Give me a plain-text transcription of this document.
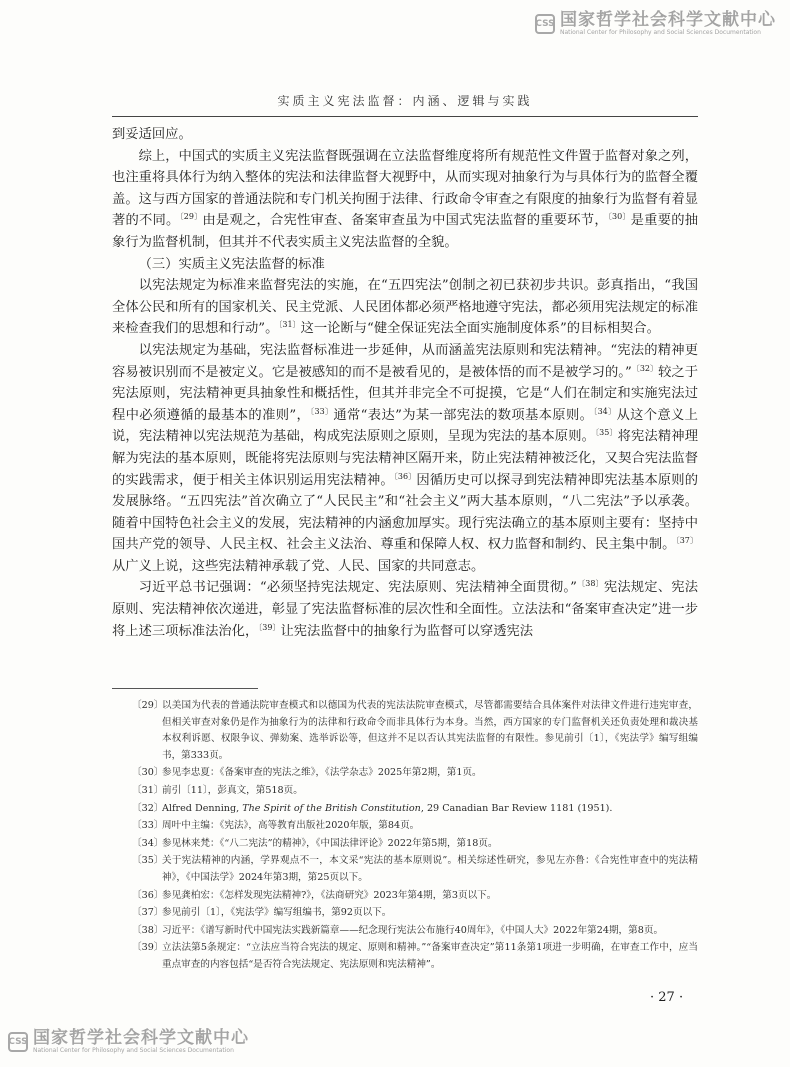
CSS 国家哲学社会科学文献中心
National Center for Philosophy and Social Sciences Documentation
实质主义宪法监督：内涵、逻辑与实践

到妥适回应。

综上，中国式的实质主义宪法监督既强调在立法监督维度将所有规范性文件置于监督对象之列，也注重将具体行为纳入整体的宪法和法律监督大视野中，从而实现对抽象行为与具体行为的监督全覆盖。这与西方国家的普通法院和专门机关拘囿于法律、行政命令审查之有限度的抽象行为监督有着显著的不同。$^{〔29〕}$由是观之，合宪性审查、备案审查虽为中国式宪法监督的重要环节，$^{〔30〕}$是重要的抽象行为监督机制，但其并不代表实质主义宪法监督的全貌。

（三）实质主义宪法监督的标准

以宪法规定为标准来监督宪法的实施，在“五四宪法”创制之初已获初步共识。彭真指出，“我国全体公民和所有的国家机关、民主党派、人民团体都必须严格地遵守宪法，都必须用宪法规定的标准来检查我们的思想和行动”。$^{〔31〕}$这一论断与“健全保证宪法全面实施制度体系”的目标相契合。

以宪法规定为基础，宪法监督标准进一步延伸，从而涵盖宪法原则和宪法精神。“宪法的精神更容易被识别而不是被定义。它是被感知的而不是被看见的，是被体悟的而不是被学习的。”$^{〔32〕}$较之于宪法原则，宪法精神更具抽象性和概括性，但其并非完全不可捉摸，它是“人们在制定和实施宪法过程中必须遵循的最基本的准则”，$^{〔33〕}$通常“表达”为某一部宪法的数项基本原则。$^{〔34〕}$从这个意义上说，宪法精神以宪法规范为基础，构成宪法原则之原则，呈现为宪法的基本原则。$^{〔35〕}$将宪法精神理解为宪法的基本原则，既能将宪法原则与宪法精神区隔开来，防止宪法精神被泛化，又契合宪法监督的实践需求，便于相关主体识别运用宪法精神。$^{〔36〕}$因循历史可以探寻到宪法精神即宪法基本原则的发展脉络。“五四宪法”首次确立了“人民民主”和“社会主义”两大基本原则，“八二宪法”予以承袭。随着中国特色社会主义的发展，宪法精神的内涵愈加厚实。现行宪法确立的基本原则主要有：坚持中国共产党的领导、人民主权、社会主义法治、尊重和保障人权、权力监督和制约、民主集中制。$^{〔37〕}$从广义上说，这些宪法精神承载了党、人民、国家的共同意志。

习近平总书记强调：“必须坚持宪法规定、宪法原则、宪法精神全面贯彻。”$^{〔38〕}$宪法规定、宪法原则、宪法精神依次递进，彰显了宪法监督标准的层次性和全面性。立法法和“备案审查决定”进一步将上述三项标准法治化，$^{〔39〕}$让宪法监督中的抽象行为监督可以穿透宪法

〔29〕
以美国为代表的普通法院审查模式和以德国为代表的宪法法院审查模式，尽管都需要结合具体案件对法律文件进行违宪审查，但相关审查对象仍是作为抽象行为的法律和行政命令而非具体行为本身。当然，西方国家的专门监督机关还负责处理和裁决基本权利诉愿、权限争议、弹劾案、选举诉讼等，但这并不足以否认其宪法监督的有限性。参见前引〔1〕，《宪法学》编写组编书，第333页。
〔30〕
参见李忠夏：《备案审查的宪法之维》，《法学杂志》2025年第2期，第1页。
〔31〕
前引〔11〕，彭真文，第518页。
〔32〕
Alfred Denning, The Spirit of the British Constitution, 29 Canadian Bar Review 1181 (1951).
〔33〕
周叶中主编：《宪法》，高等教育出版社2020年版，第84页。
〔34〕
参见林来梵：《“八二宪法”的精神》，《中国法律评论》2022年第5期，第18页。
〔35〕
关于宪法精神的内涵，学界观点不一，本文采“宪法的基本原则说”。相关综述性研究，参见左亦鲁：《合宪性审查中的宪法精神》，《中国法学》2024年第3期，第25页以下。
〔36〕
参见龚柏宏：《怎样发现宪法精神?》，《法商研究》2023年第4期，第3页以下。
〔37〕
参见前引〔1〕，《宪法学》编写组编书，第92页以下。
〔38〕
习近平：《谱写新时代中国宪法实践新篇章——纪念现行宪法公布施行40周年》，《中国人大》2022年第24期，第8页。
〔39〕
立法法第5条规定：“立法应当符合宪法的规定、原则和精神。”“备案审查决定”第11条第1项进一步明确，在审查工作中，应当重点审查的内容包括“是否符合宪法规定、宪法原则和宪法精神”。
· 27 ·
CSS 国家哲学社会科学文献中心
National Center for Philosophy and Social Sciences Documentation
